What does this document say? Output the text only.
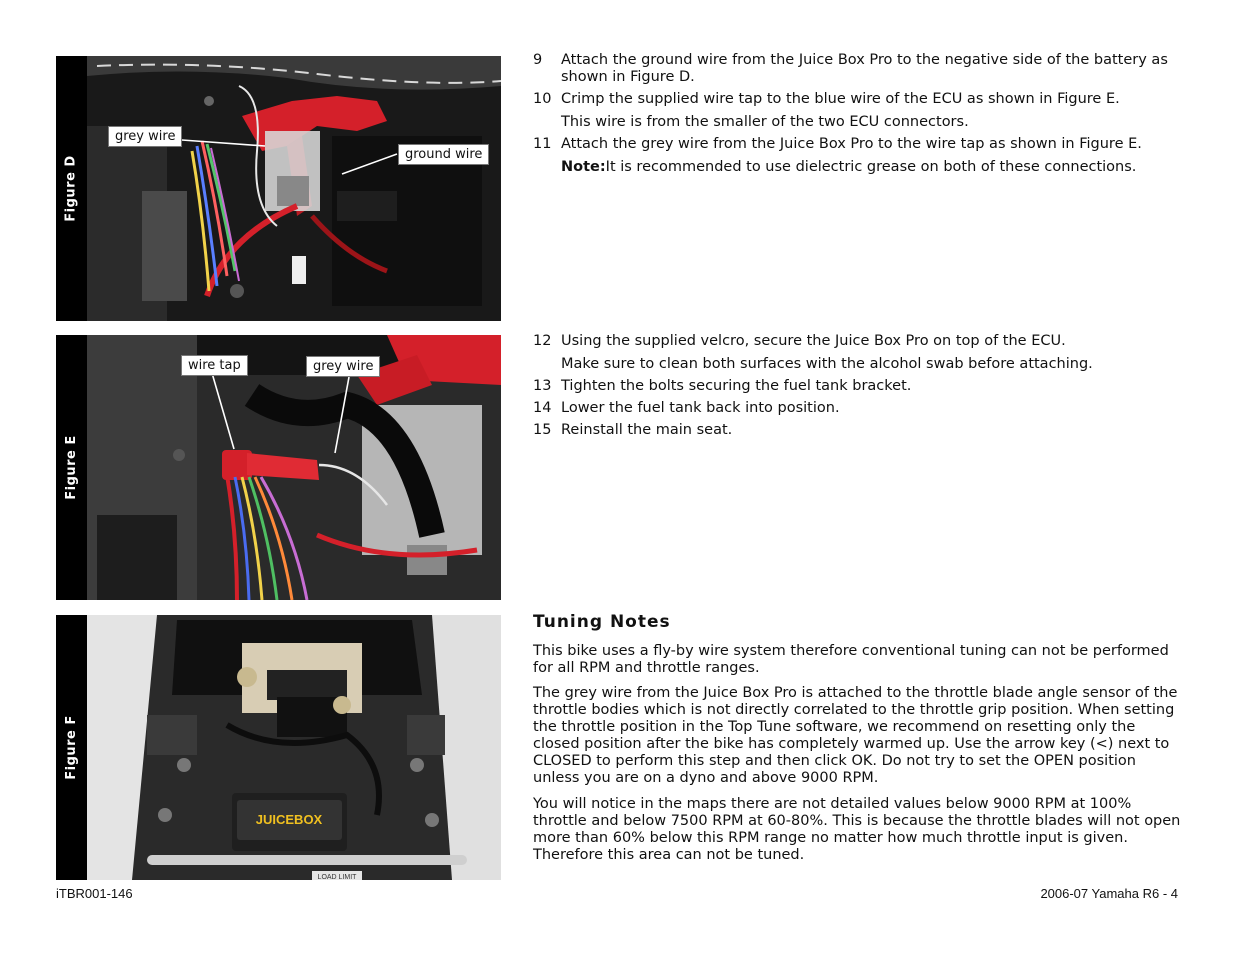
Figure D
grey wire
ground wire
Figure E
wire tap	grey wire
Figure F
JUICEBOX
LOAD LIMIT
9	Attach the ground wire from the Juice Box Pro to the negative side of the battery as shown in Figure D.
10 Crimp the supplied wire tap to the blue wire of the ECU as shown in Figure E.
This wire is from the smaller of the two ECU connectors.
11 Attach the grey wire from the Juice Box Pro to the wire tap as shown in Figure E.
Note:It is recommended to use dielectric grease on both of these connections.
12 Using the supplied velcro, secure the Juice Box Pro on top of the ECU.
Make sure to clean both surfaces with the alcohol swab before attaching.
13 Tighten the bolts securing the fuel tank bracket.
14 Lower the fuel tank back into position.
15 Reinstall the main seat.
Tuning Notes

This bike uses a fly-by wire system therefore conventional tuning can not be performed for all RPM and throttle ranges.

The grey wire from the Juice Box Pro is attached to the throttle blade angle sensor of the throttle bodies which is not directly correlated to the throttle grip position. When setting the throttle position in the Top Tune software, we recommend on resetting only the closed position after the bike has completely warmed up. Use the arrow key (<) next to CLOSED to perform this step and then click OK. Do not try to set the OPEN position unless you are on a dyno and above 9000 RPM.

You will notice in the maps there are not detailed values below 9000 RPM at 100% throttle and below 7500 RPM at 60-80%. This is because the throttle blades will not open more than 60% below this RPM range no matter how much throttle input is given. Therefore this area can not be tuned.

iTBR001-146	2006-07 Yamaha R6 - 4
